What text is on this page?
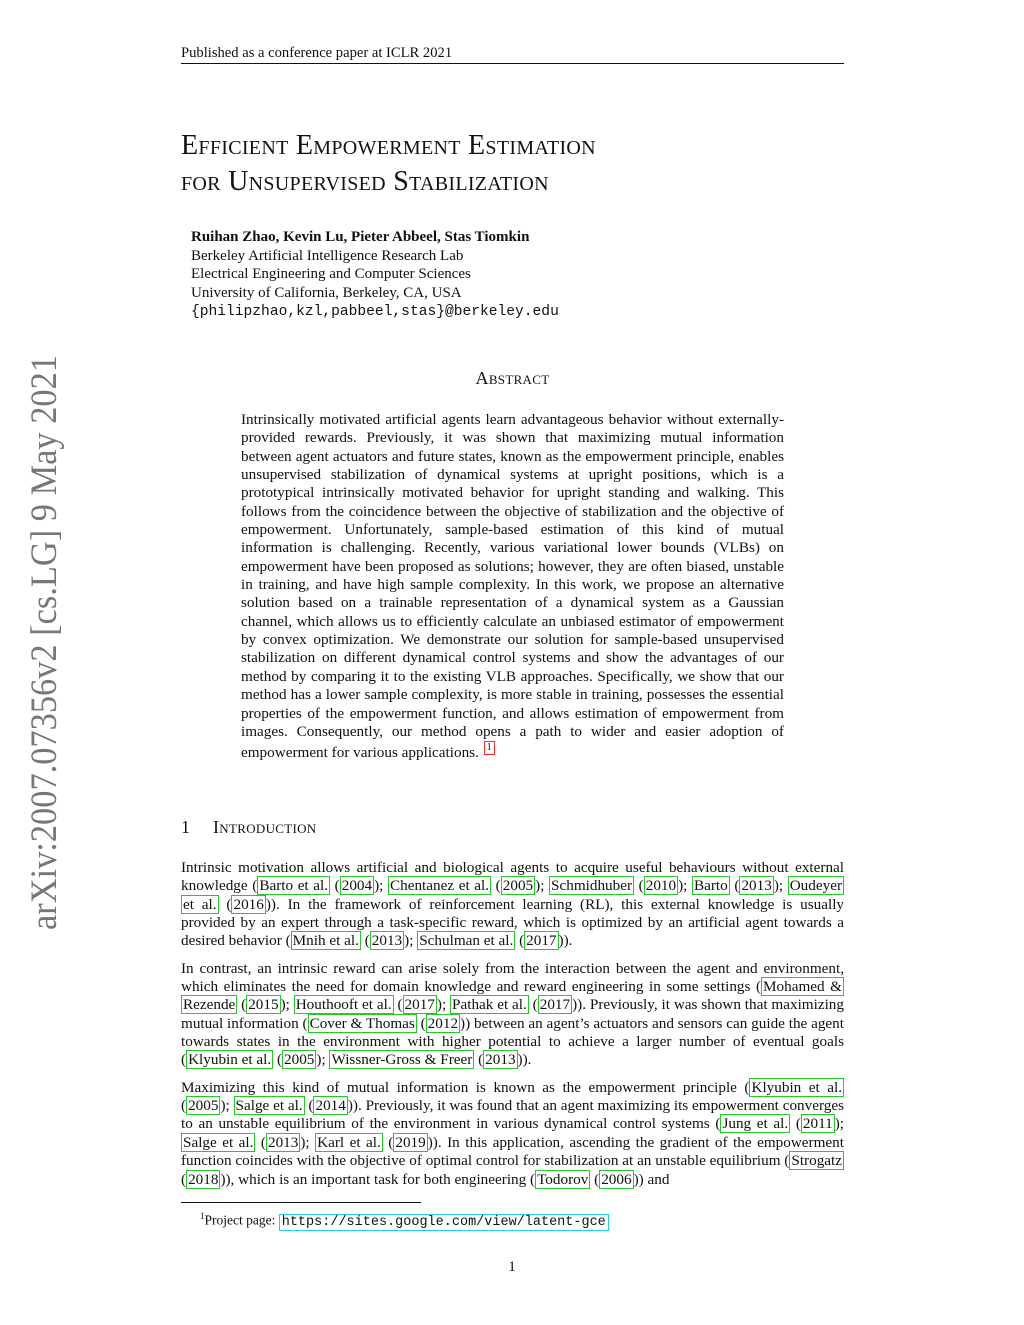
Published as a conference paper at ICLR 2021
arXiv:2007.07356v2 [cs.LG] 9 May 2021
Efficient Empowerment Estimation
for Unsupervised Stabilization
Ruihan Zhao, Kevin Lu, Pieter Abbeel, Stas Tiomkin
Berkeley Artificial Intelligence Research Lab
Electrical Engineering and Computer Sciences
University of California, Berkeley, CA, USA
{philipzhao,kzl,pabbeel,stas}@berkeley.edu
Abstract

Intrinsically motivated artificial agents learn advantageous behavior without externally-provided rewards. Previously, it was shown that maximizing mutual information between agent actuators and future states, known as the empowerment principle, enables unsupervised stabilization of dynamical systems at upright positions, which is a prototypical intrinsically motivated behavior for upright standing and walking. This follows from the coincidence between the objective of stabilization and the objective of empowerment. Unfortunately, sample-based estimation of this kind of mutual information is challenging. Recently, various variational lower bounds (VLBs) on empowerment have been proposed as solutions; however, they are often biased, unstable in training, and have high sample complexity. In this work, we propose an alternative solution based on a trainable representation of a dynamical system as a Gaussian channel, which allows us to efficiently calculate an unbiased estimator of empowerment by convex optimization. We demonstrate our solution for sample-based unsupervised stabilization on different dynamical control systems and show the advantages of our method by comparing it to the existing VLB approaches. Specifically, we show that our method has a lower sample complexity, is more stable in training, possesses the essential properties of the empowerment function, and allows estimation of empowerment from images. Consequently, our method opens a path to wider and easier adoption of empowerment for various applications. 1

1 Introduction

Intrinsic motivation allows artificial and biological agents to acquire useful behaviours without external knowledge ( Barto et al. ( 2004 ); Chentanez et al. ( 2005 ); Schmidhuber ( 2010 ); Barto ( 2013 ); Oudeyer et al. ( 2016 )). In the framework of reinforcement learning (RL), this external knowledge is usually provided by an expert through a task-specific reward, which is optimized by an artificial agent towards a desired behavior ( Mnih et al. ( 2013 ); Schulman et al. ( 2017 )).

In contrast, an intrinsic reward can arise solely from the interaction between the agent and environment, which eliminates the need for domain knowledge and reward engineering in some settings ( Mohamed & Rezende ( 2015 ); Houthooft et al. ( 2017 ); Pathak et al. ( 2017 )). Previously, it was shown that maximizing mutual information ( Cover & Thomas ( 2012 )) between an agent’s actuators and sensors can guide the agent towards states in the environment with higher potential to achieve a larger number of eventual goals ( Klyubin et al. ( 2005 ); Wissner-Gross & Freer ( 2013 )).

Maximizing this kind of mutual information is known as the empowerment principle ( Klyubin et al. ( 2005 ); Salge et al. ( 2014 )). Previously, it was found that an agent maximizing its empowerment converges to an unstable equilibrium of the environment in various dynamical control systems ( Jung et al. ( 2011 ); Salge et al. ( 2013 ); Karl et al. ( 2019 )). In this application, ascending the gradient of the empowerment function coincides with the objective of optimal control for stabilization at an unstable equilibrium ( Strogatz ( 2018 )), which is an important task for both engineering ( Todorov ( 2006 )) and

$^1$Project page: https://sites.google.com/view/latent-gce
1
